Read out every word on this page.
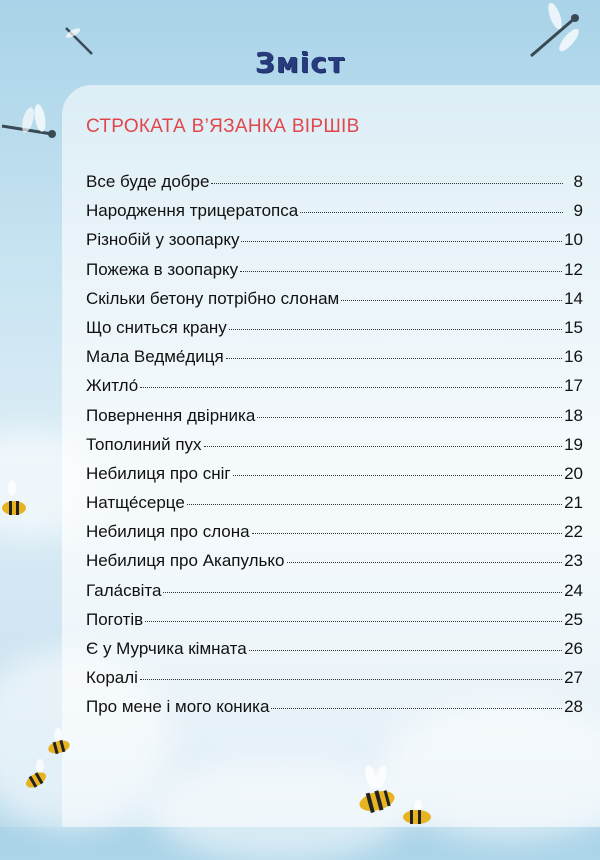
Зміст
СТРОКАТА В’ЯЗАНКА ВІРШІВ
Все буде добре	8
Народження трицератопса	9
Різнобій у зоопарку	10
Пожежа в зоопарку	12
Скільки бетону потрібно слонам	14
Що сниться крану	15
Мала Ведме́диця	16
Житло́	17
Повернення двірника	18
Тополиний пух	19
Небилиця про сніг	20
Натще́серце	21
Небилиця про слона	22
Небилиця про Акапулько	23
Гала́світа	24
Поготів	25
Є у Мурчика кімната	26
Коралі	27
Про мене і мого коника	28
